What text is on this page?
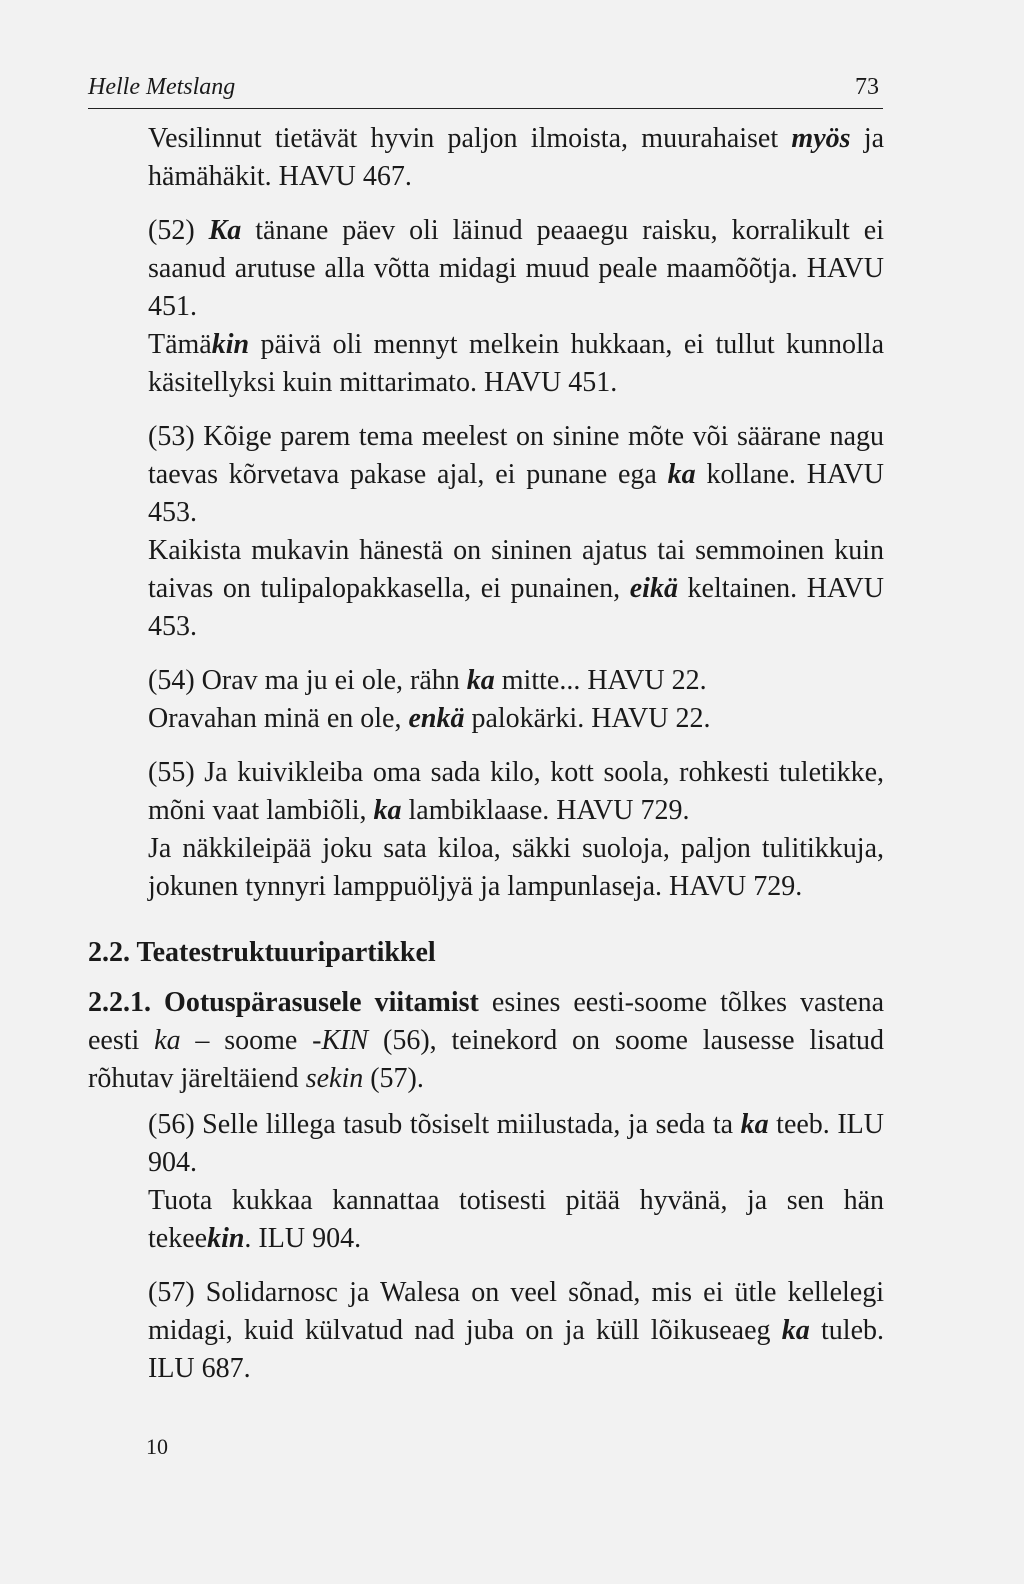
Helle Metslang	73
Vesilinnut tietävät hyvin paljon ilmoista, muurahaiset myös ja hämähäkit. HAVU 467.
(52) Ka tänane päev oli läinud peaaegu raisku, korralikult ei saanud arutuse alla võtta midagi muud peale maamõõtja. HAVU 451.
Tämäkin päivä oli mennyt melkein hukkaan, ei tullut kunnolla käsitellyksi kuin mittarimato. HAVU 451.
(53) Kõige parem tema meelest on sinine mõte või säärane nagu taevas kõrvetava pakase ajal, ei punane ega ka kollane. HAVU 453.
Kaikista mukavin hänestä on sininen ajatus tai semmoinen kuin taivas on tulipalopakkasella, ei punainen, eikä keltainen. HAVU 453.
(54) Orav ma ju ei ole, rähn ka mitte... HAVU 22.
Oravahan minä en ole, enkä palokärki. HAVU 22.
(55) Ja kuivikleiba oma sada kilo, kott soola, rohkesti tuletikke, mõni vaat lambiõli, ka lambiklaase. HAVU 729.
Ja näkkileipää joku sata kiloa, säkki suoloja, paljon tulitikkuja, jokunen tynnyri lamppuöljyä ja lampunlaseja. HAVU 729.
2.2. Teatestruktuuripartikkel
2.2.1. Ootuspärasusele viitamist esines eesti-soome tõlkes vastena eesti ka – soome -KIN (56), teinekord on soome lausesse lisatud rõhutav järeltäiend sekin (57).
(56) Selle lillega tasub tõsiselt miilustada, ja seda ta ka teeb. ILU 904.
Tuota kukkaa kannattaa totisesti pitää hyvänä, ja sen hän tekeekin. ILU 904.
(57) Solidarnosc ja Walesa on veel sõnad, mis ei ütle kellelegi midagi, kuid külvatud nad juba on ja küll lõikuseaeg ka tuleb. ILU 687.
10
